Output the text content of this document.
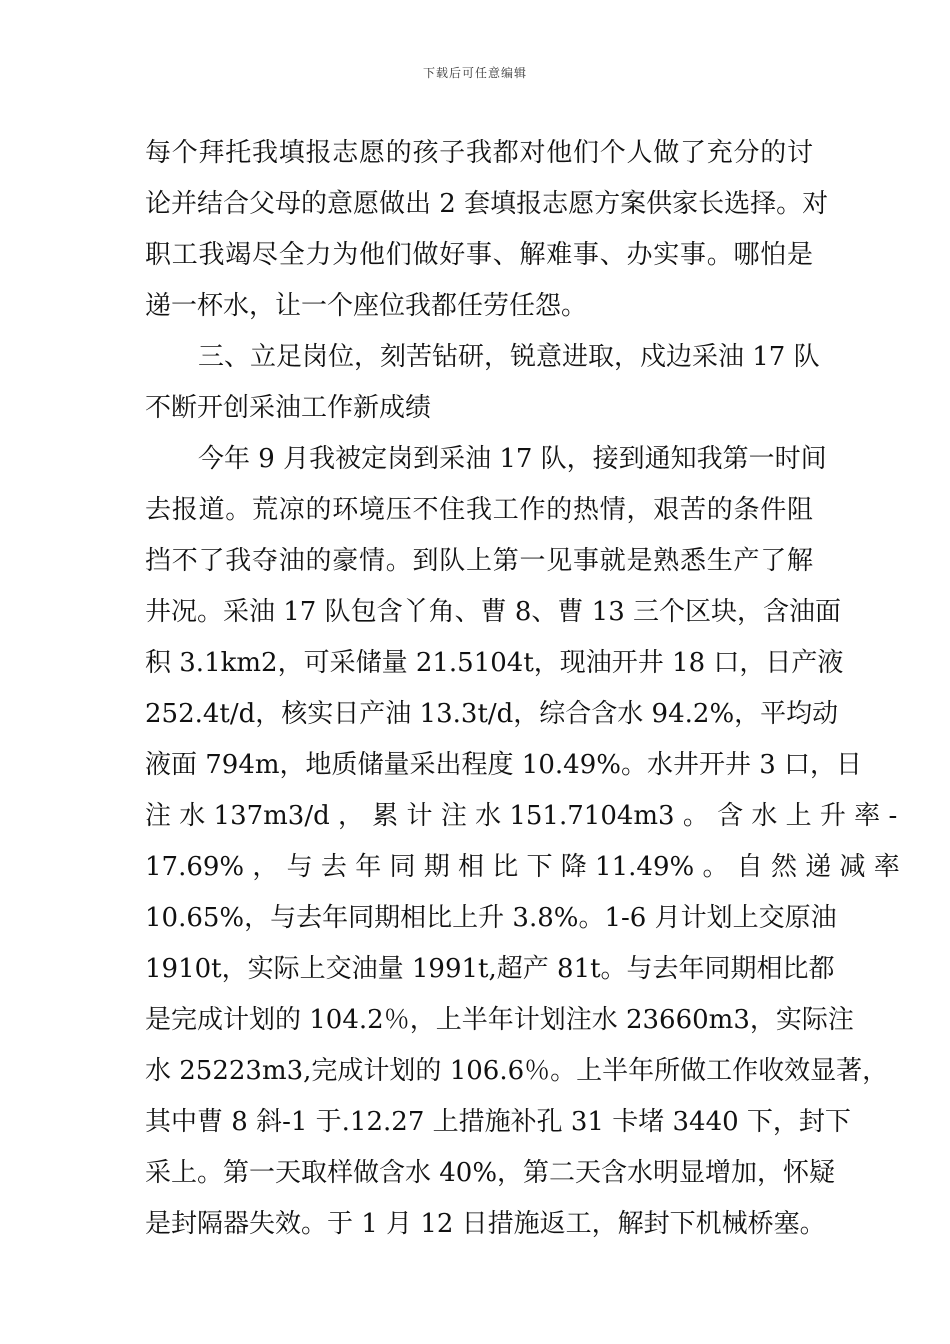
下载后可任意编辑
每个拜托我填报志愿的孩子我都对他们个人做了充分的讨
论并结合父母的意愿做出 2 套填报志愿方案供家长选择。对
职工我竭尽全力为他们做好事、解难事、办实事。哪怕是
递一杯水，让一个座位我都任劳任怨。
三、立足岗位，刻苦钻研，锐意进取，戍边采油 17 队
不断开创采油工作新成绩
今年 9 月我被定岗到采油 17 队，接到通知我第一时间
去报道。荒凉的环境压不住我工作的热情，艰苦的条件阻
挡不了我夺油的豪情。到队上第一见事就是熟悉生产了解
井况。采油 17 队包含丫角、曹 8、曹 13 三个区块，含油面
积 3.1km2，可采储量 21.5104t，现油开井 18 口，日产液
252.4t/d，核实日产油 13.3t/d，综合含水 94.2%，平均动
液面 794m，地质储量采出程度 10.49%。水井开井 3 口，日
注 水 137m3/d ， 累 计 注 水 151.7104m3 。 含 水 上 升 率 -
17.69% ， 与 去 年 同 期 相 比 下 降 11.49% 。 自 然 递 减 率
10.65%，与去年同期相比上升 3.8%。1-6 月计划上交原油
1910t，实际上交油量 1991t,超产 81t。与去年同期相比都
是完成计划的 104.2％，上半年计划注水 23660m3，实际注
水 25223m3,完成计划的 106.6％。上半年所做工作收效显著，
其中曹 8 斜-1 于.12.27 上措施补孔 31 卡堵 3440 下，封下
采上。第一天取样做含水 40%，第二天含水明显增加，怀疑
是封隔器失效。于 1 月 12 日措施返工，解封下机械桥塞。
